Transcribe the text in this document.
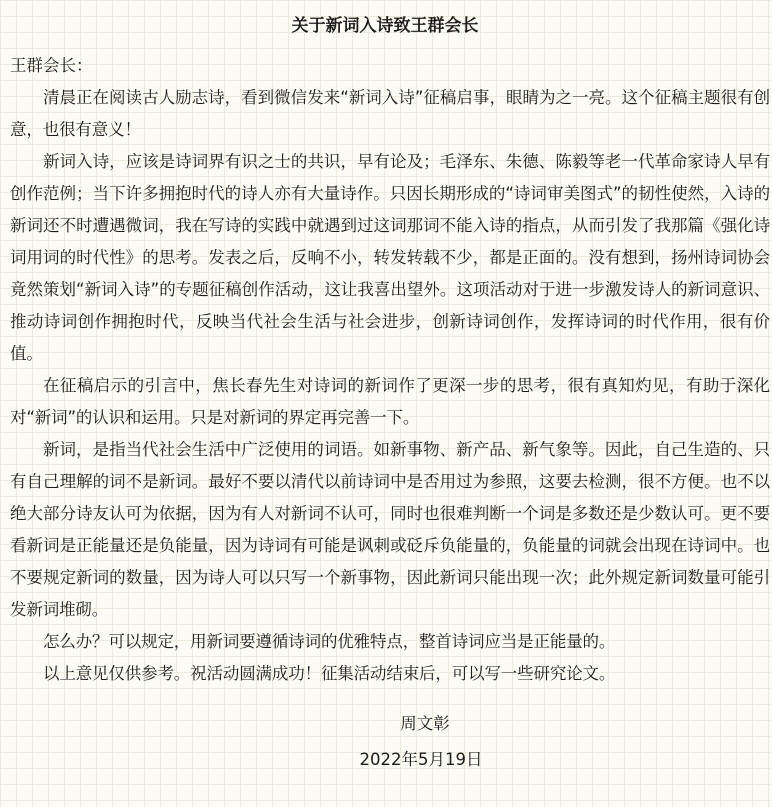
关于新词入诗致王群会长

王群会长：

清晨正在阅读古人励志诗，看到微信发来“新词入诗”征稿启事，眼睛为之一亮。这个征稿主题很有创意，也很有意义！

新词入诗，应该是诗词界有识之士的共识，早有论及；毛泽东、朱德、陈毅等老一代革命家诗人早有创作范例；当下许多拥抱时代的诗人亦有大量诗作。只因长期形成的“诗词审美图式”的韧性使然，入诗的新词还不时遭遇微词，我在写诗的实践中就遇到过这词那词不能入诗的指点，从而引发了我那篇《强化诗词用词的时代性》的思考。发表之后，反响不小，转发转载不少，都是正面的。没有想到，扬州诗词协会竟然策划“新词入诗”的专题征稿创作活动，这让我喜出望外。这项活动对于进一步激发诗人的新词意识、推动诗词创作拥抱时代，反映当代社会生活与社会进步，创新诗词创作，发挥诗词的时代作用，很有价值。

在征稿启示的引言中，焦长春先生对诗词的新词作了更深一步的思考，很有真知灼见，有助于深化对“新词”的认识和运用。只是对新词的界定再完善一下。

新词，是指当代社会生活中广泛使用的词语。如新事物、新产品、新气象等。因此，自己生造的、只有自己理解的词不是新词。最好不要以清代以前诗词中是否用过为参照，这要去检测，很不方便。也不以绝大部分诗友认可为依据，因为有人对新词不认可，同时也很难判断一个词是多数还是少数认可。更不要看新词是正能量还是负能量，因为诗词有可能是讽刺或砭斥负能量的，负能量的词就会出现在诗词中。也不要规定新词的数量，因为诗人可以只写一个新事物，因此新词只能出现一次；此外规定新词数量可能引发新词堆砌。

怎么办？可以规定，用新词要遵循诗词的优雅特点，整首诗词应当是正能量的。

以上意见仅供参考。祝活动圆满成功！征集活动结束后，可以写一些研究论文。

周文彰

2022年5月19日
